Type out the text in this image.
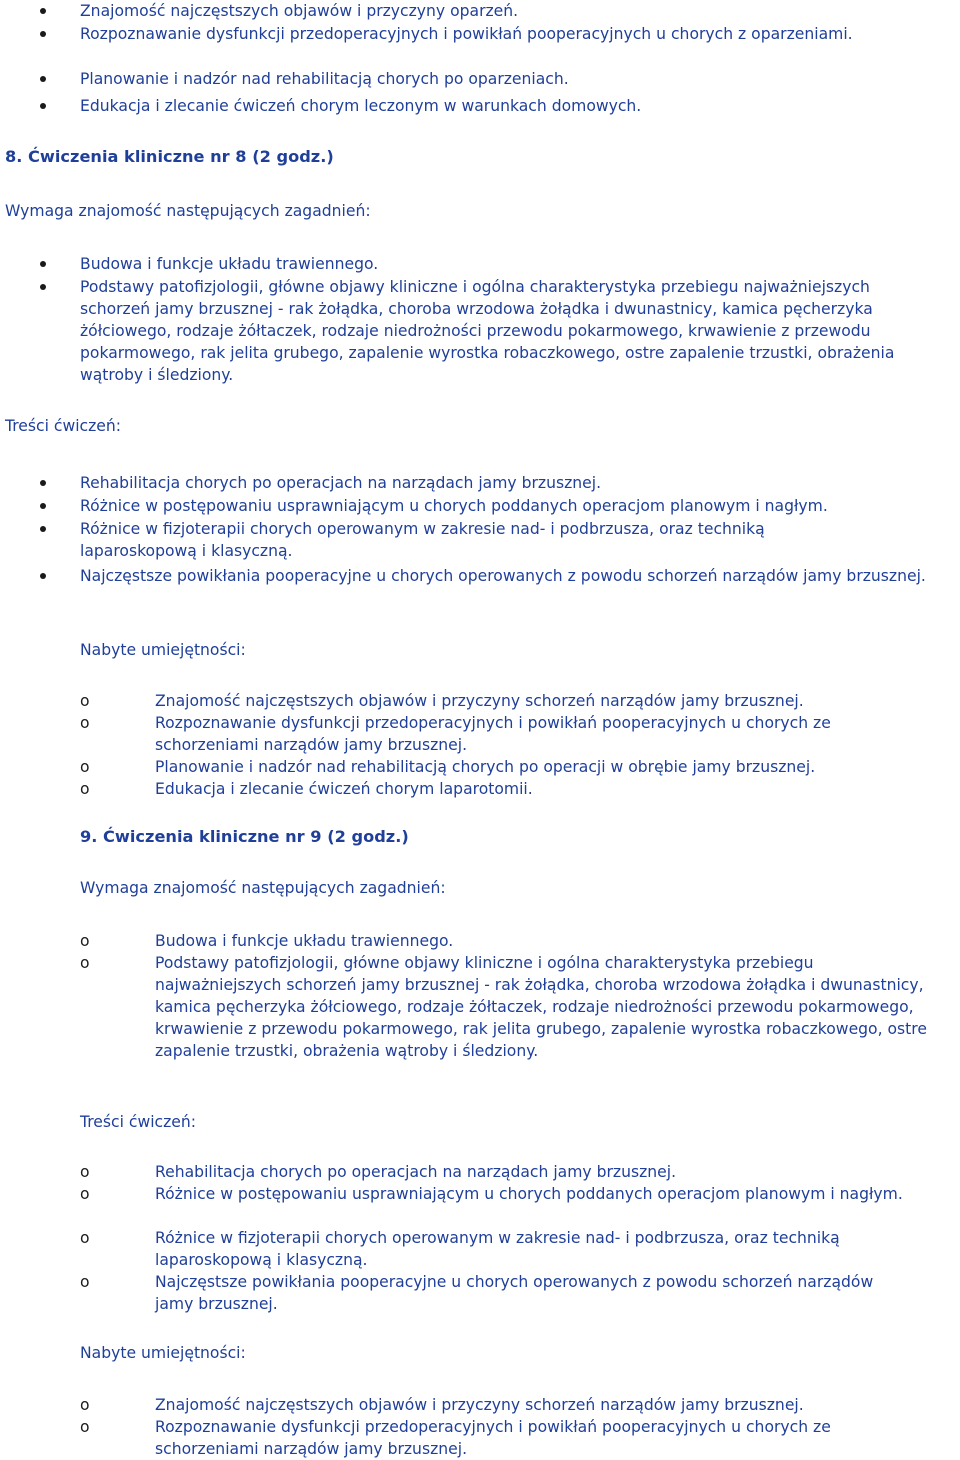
Znajomość najczęstszych objawów i przyczyny oparzeń.
Rozpoznawanie dysfunkcji przedoperacyjnych i powikłań pooperacyjnych u chorych z oparzeniami.
Planowanie i nadzór nad rehabilitacją chorych po oparzeniach.
Edukacja i zlecanie ćwiczeń chorym leczonym w warunkach domowych.
8. Ćwiczenia kliniczne nr 8 (2 godz.)
Wymaga znajomość następujących zagadnień:
Budowa i funkcje układu trawiennego.
Podstawy patofizjologii, główne objawy kliniczne i ogólna charakterystyka przebiegu najważniejszych schorzeń jamy brzusznej - rak żołądka, choroba wrzodowa żołądka i dwunastnicy, kamica pęcherzyka żółciowego, rodzaje żółtaczek, rodzaje niedrożności przewodu pokarmowego, krwawienie z przewodu pokarmowego, rak jelita grubego, zapalenie wyrostka robaczkowego, ostre zapalenie trzustki, obrażenia wątroby i śledziony.
Treści ćwiczeń:
Rehabilitacja chorych po operacjach na narządach jamy brzusznej.
Różnice w postępowaniu usprawniającym u chorych poddanych operacjom planowym i nagłym.
Różnice w fizjoterapii chorych operowanym w zakresie nad- i podbrzusza, oraz techniką laparoskopową i klasyczną.
Najczęstsze powikłania pooperacyjne u chorych operowanych z powodu schorzeń narządów jamy brzusznej.
Nabyte umiejętności:
o Znajomość najczęstszych objawów i przyczyny schorzeń narządów jamy brzusznej.
o Rozpoznawanie dysfunkcji przedoperacyjnych i powikłań pooperacyjnych u chorych ze schorzeniami narządów jamy brzusznej.
o Planowanie i nadzór nad rehabilitacją chorych po operacji w obrębie jamy brzusznej.
o Edukacja i zlecanie ćwiczeń chorym laparotomii.
9. Ćwiczenia kliniczne nr 9 (2 godz.)
Wymaga znajomość następujących zagadnień:
o Budowa i funkcje układu trawiennego.
o Podstawy patofizjologii, główne objawy kliniczne i ogólna charakterystyka przebiegu najważniejszych schorzeń jamy brzusznej - rak żołądka, choroba wrzodowa żołądka i dwunastnicy, kamica pęcherzyka żółciowego, rodzaje żółtaczek, rodzaje niedrożności przewodu pokarmowego, krwawienie z przewodu pokarmowego, rak jelita grubego, zapalenie wyrostka robaczkowego, ostre zapalenie trzustki, obrażenia wątroby i śledziony.
Treści ćwiczeń:
o Rehabilitacja chorych po operacjach na narządach jamy brzusznej.
o Różnice w postępowaniu usprawniającym u chorych poddanych operacjom planowym i nagłym.
o Różnice w fizjoterapii chorych operowanym w zakresie nad- i podbrzusza, oraz techniką laparoskopową i klasyczną.
o Najczęstsze powikłania pooperacyjne u chorych operowanych z powodu schorzeń narządów jamy brzusznej.
Nabyte umiejętności:
o Znajomość najczęstszych objawów i przyczyny schorzeń narządów jamy brzusznej.
o Rozpoznawanie dysfunkcji przedoperacyjnych i powikłań pooperacyjnych u chorych ze schorzeniami narządów jamy brzusznej.
